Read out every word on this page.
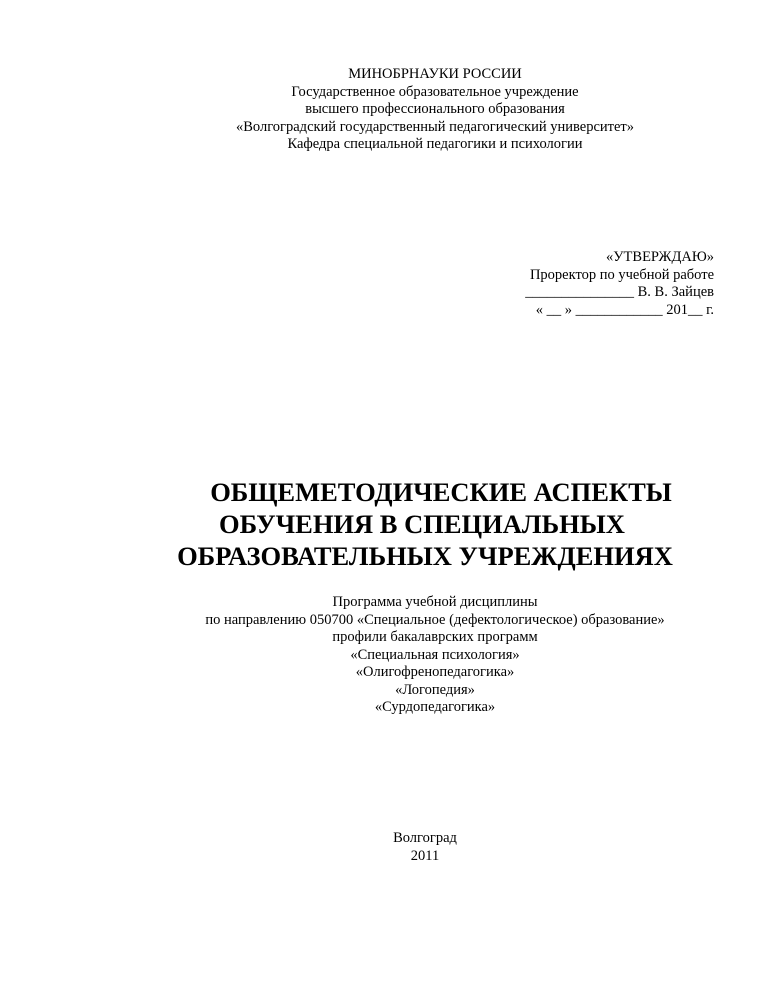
МИНОБРНАУКИ РОССИИ
Государственное образовательное учреждение
высшего профессионального образования
«Волгоградский государственный педагогический университет»
Кафедра специальной педагогики и психологии
«УТВЕРЖДАЮ»
Проректор по учебной работе
_______________ В. В. Зайцев
« __ » ____________ 201__ г.
ОБЩЕМЕТОДИЧЕСКИЕ АСПЕКТЫ
ОБУЧЕНИЯ В СПЕЦИАЛЬНЫХ
ОБРАЗОВАТЕЛЬНЫХ УЧРЕЖДЕНИЯХ
Программа учебной дисциплины
по направлению 050700 «Специальное (дефектологическое) образование»
профили бакалаврских программ
«Специальная психология»
«Олигофренопедагогика»
«Логопедия»
«Сурдопедагогика»
Волгоград
2011
